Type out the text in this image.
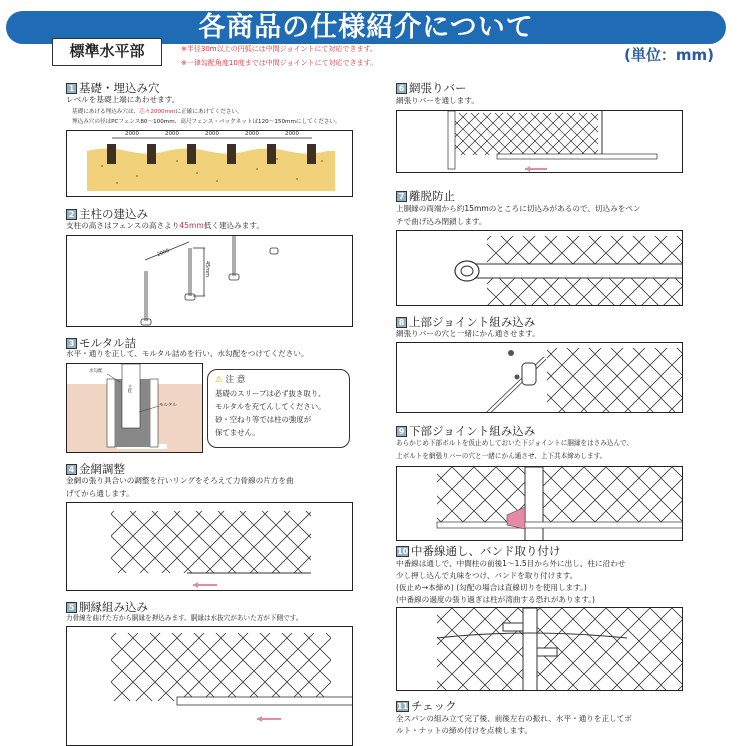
各商品の仕様紹介について
標準水平部	※半径30m以上の円弧には中間ジョイントにて対応できます。
※一律勾配角度10度までは中間ジョイントにて対応できます。	(単位：mm)
1 基礎・埋込み穴
レベルを基礎上端にあわせます。
基礎にあける埋込み穴は、芯々2000mmに正確にあけてください。
埋込み穴の径はPCフェンス80～100mm、高尺フェンス・バックネットは120～150mmにしてください。
2000	2000	2000	2000	2000
2 主柱の建込み
支柱の高さはフェンスの高さより45mm低く建込みます。
2000
45mm
3 モルタル詰
水平・通りを正して、モルタル詰めを行い、水勾配をつけてください。
水勾配
主柱
モルタル
⚠ 注 意
基礎のスリーブは必ず抜き取り、
モルタルを充てんしてください。
砂・空ねり等では柱の強度が
保てません。
4 金網調整
金網の張り具合いの調整を行いリングをそろえて力骨線の片方を曲
げてから通します。
5 胴縁組み込み
力骨線を曲げた方から胴縁を押込みます。胴縁は水抜穴があいた方が下側です。
6 網張りバー
網張りバーを通します。
7 離脱防止
上胴縁の両端から約15mmのところに切込みがあるので、切込みをペン
チで曲げ込み閉鎖します。
8 上部ジョイント組み込み
網張りバーの穴と一緒にかん通させます。
9 下部ジョイント組み込み
あらかじめ下部ボルトを仮止めしておいた下ジョイントに胴縁をはさみ込んで、
上ボルトを網張りバーの穴と一緒にかん通させ、上下共本締めします。
10 中番線通し、バンド取り付け
中番線は通しで、中間柱の前後1～1.5目から外に出し、柱に沿わせ
少し押し込んで丸味をつけ、バンドを取り付けます。
(仮止め→本締め) (勾配の場合は直線切りを使用します。)
(中番線の過度の張り過ぎは柱が湾曲する恐れがあります。)
11 チェック
全スパンの組み立て完了後、前後左右の振れ、水平・通りを正してボ
ルト・ナットの締め付けを点検します。
